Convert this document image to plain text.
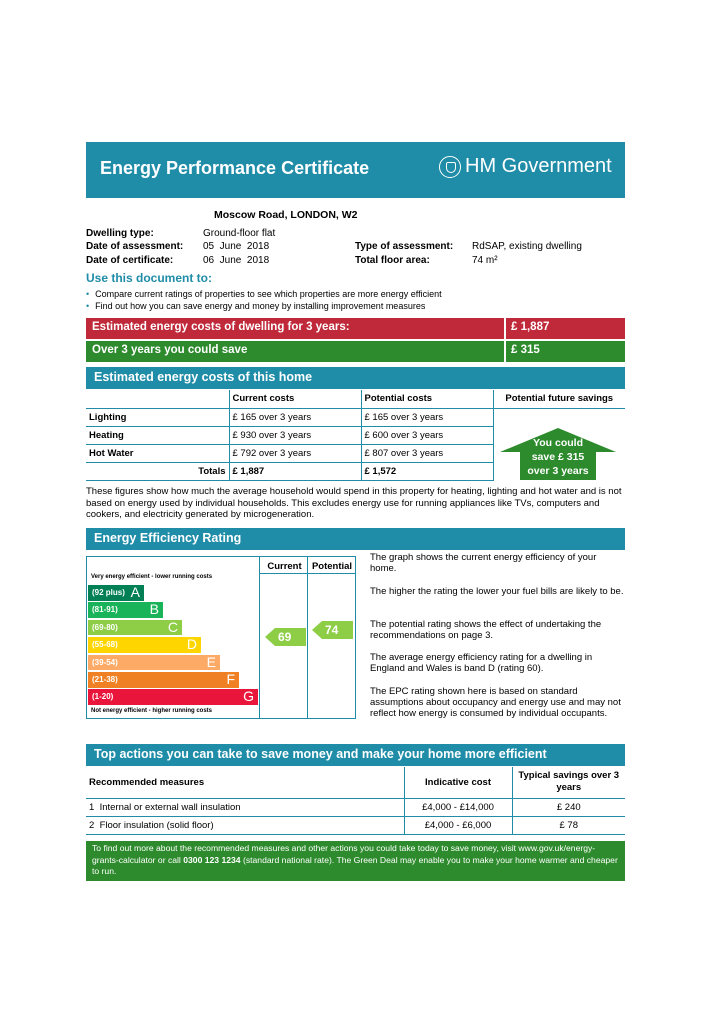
Energy Performance Certificate	HM Government
Moscow Road, LONDON, W2
Dwelling type:	Ground-floor flat
Date of assessment: 05  June  2018
Date of certificate:	06  June  2018
Type of assessment: RdSAP, existing dwelling
Total floor area:	74 m²
Use this document to:
• Compare current ratings of properties to see which properties are more energy efficient
• Find out how you can save energy and money by installing improvement measures
Estimated energy costs of dwelling for 3 years:	£ 1,887
Over 3 years you could save	£ 315
Estimated energy costs of this home
	Current costs	Potential costs	Potential future savings
Lighting	£ 165 over 3 years	£ 165 over 3 years	
Heating	£ 930 over 3 years	£ 600 over 3 years	
Hot Water	£ 792 over 3 years	£ 807 over 3 years	
Totals	£ 1,887	£ 1,572	
You could
save £ 315
over 3 years
These figures show how much the average household would spend in this property for heating, lighting and hot water and is not based on energy used by individual households. This excludes energy use for running appliances like TVs, computers and cookers, and electricity generated by microgeneration.
Energy Efficiency Rating
Current	Potential
Very energy efficient - lower running costs
Not energy efficient - higher running costs
(92 plus) A
(81-91) B
(69-80)	C
(55-68)	D
(39-54)	E
(21-38)	F
(1-20)	G
69	74
The graph shows the current energy efficiency of your home.
The higher the rating the lower your fuel bills are likely to be.
The potential rating shows the effect of undertaking the recommendations on page 3.
The average energy efficiency rating for a dwelling in England and Wales is band D (rating 60).
The EPC rating shown here is based on standard assumptions about occupancy and energy use and may not reflect how energy is consumed by individual occupants.
Top actions you can take to save money and make your home more efficient
Recommended measures	Indicative cost	Typical savings over 3 years
1 Internal or external wall insulation	£4,000 - £14,000	£ 240
2 Floor insulation (solid floor)	£4,000 - £6,000	£ 78
To find out more about the recommended measures and other actions you could take today to save money, visit www.gov.uk/energy-grants-calculator or call 0300 123 1234 (standard national rate). The Green Deal may enable you to make your home warmer and cheaper to run.
